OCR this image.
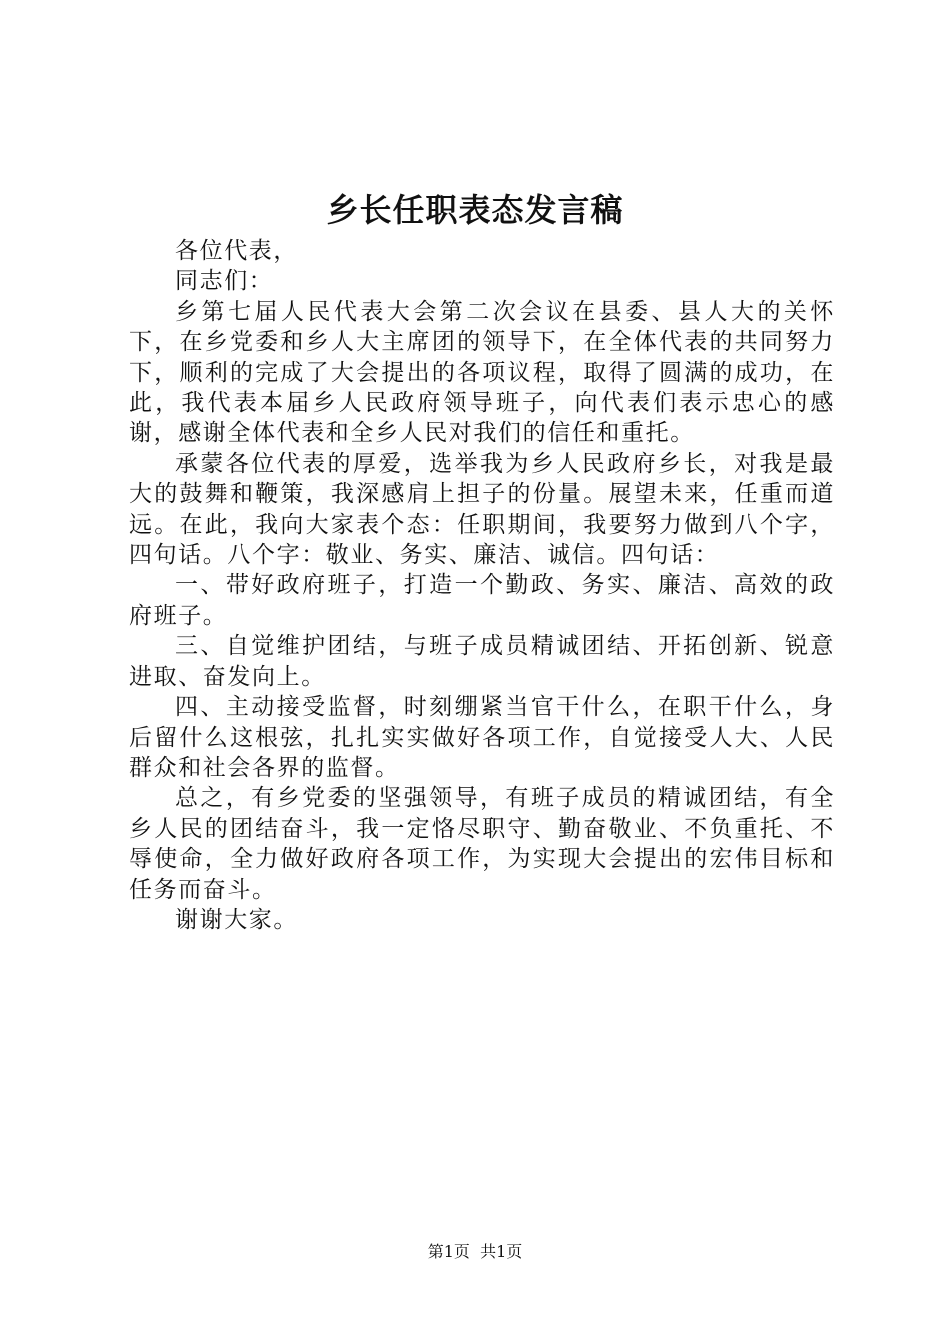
乡长任职表态发言稿

各位代表，

同志们：

乡第七届人民代表大会第二次会议在县委、县人大的关怀下，在乡党委和乡人大主席团的领导下，在全体代表的共同努力下，顺利的完成了大会提出的各项议程，取得了圆满的成功，在此，我代表本届乡人民政府领导班子，向代表们表示忠心的感谢，感谢全体代表和全乡人民对我们的信任和重托。

承蒙各位代表的厚爱，选举我为乡人民政府乡长，对我是最大的鼓舞和鞭策，我深感肩上担子的份量。展望未来，任重而道远。在此，我向大家表个态：任职期间，我要努力做到八个字，四句话。八个字：敬业、务实、廉洁、诚信。四句话：

一、带好政府班子，打造一个勤政、务实、廉洁、高效的政府班子。

三、自觉维护团结，与班子成员精诚团结、开拓创新、锐意进取、奋发向上。

四、主动接受监督，时刻绷紧当官干什么，在职干什么，身后留什么这根弦，扎扎实实做好各项工作，自觉接受人大、人民群众和社会各界的监督。

总之，有乡党委的坚强领导，有班子成员的精诚团结，有全乡人民的团结奋斗，我一定恪尽职守、勤奋敬业、不负重托、不辱使命，全力做好政府各项工作，为实现大会提出的宏伟目标和任务而奋斗。

谢谢大家。

第1页 共1页
